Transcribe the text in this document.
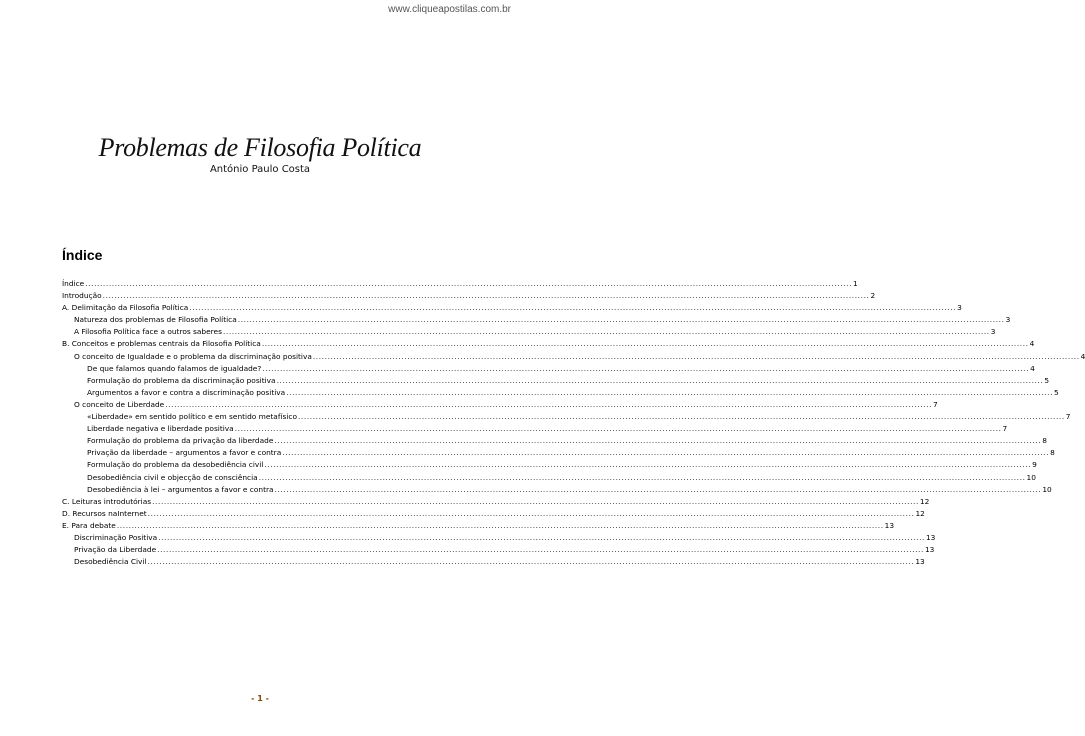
www.cliqueapostilas.com.br
Problemas de Filosofia Política
António Paulo Costa
Índice
Índice .................................................................................................................................................................................................................................................................... 1
Introdução .................................................................................................................................................................................................................................................................... 2
A. Delimitação da Filosofia Política .................................................................................................................................................................................................................................................................... 3
Natureza dos problemas de Filosofia Política .................................................................................................................................................................................................................................................................... 3
A Filosofia Política face a outros saberes .................................................................................................................................................................................................................................................................... 3
B. Conceitos e problemas centrais da Filosofia Política .................................................................................................................................................................................................................................................................... 4
O conceito de Igualdade e o problema da discriminação positiva .................................................................................................................................................................................................................................................................... 4
De que falamos quando falamos de igualdade? .................................................................................................................................................................................................................................................................... 4
Formulação do problema da discriminação positiva .................................................................................................................................................................................................................................................................... 5
Argumentos a favor e contra a discriminação positiva .................................................................................................................................................................................................................................................................... 5
O conceito de Liberdade .................................................................................................................................................................................................................................................................... 7
«Liberdade» em sentido político e em sentido metafísico .................................................................................................................................................................................................................................................................... 7
Liberdade negativa e liberdade positiva .................................................................................................................................................................................................................................................................... 7
Formulação do problema da privação da liberdade .................................................................................................................................................................................................................................................................... 8
Privação da liberdade – argumentos a favor e contra .................................................................................................................................................................................................................................................................... 8
Formulação do problema da desobediência civil .................................................................................................................................................................................................................................................................... 9
Desobediência civil e objecção de consciência .................................................................................................................................................................................................................................................................... 10
Desobediência à lei – argumentos a favor e contra .................................................................................................................................................................................................................................................................... 10
C. Leituras introdutórias .................................................................................................................................................................................................................................................................... 12
D. Recursos na Internet .................................................................................................................................................................................................................................................................... 12
E. Para debate .................................................................................................................................................................................................................................................................... 13
Discriminação Positiva .................................................................................................................................................................................................................................................................... 13
Privação da Liberdade .................................................................................................................................................................................................................................................................... 13
Desobediência Civil .................................................................................................................................................................................................................................................................... 13
- 1 -
